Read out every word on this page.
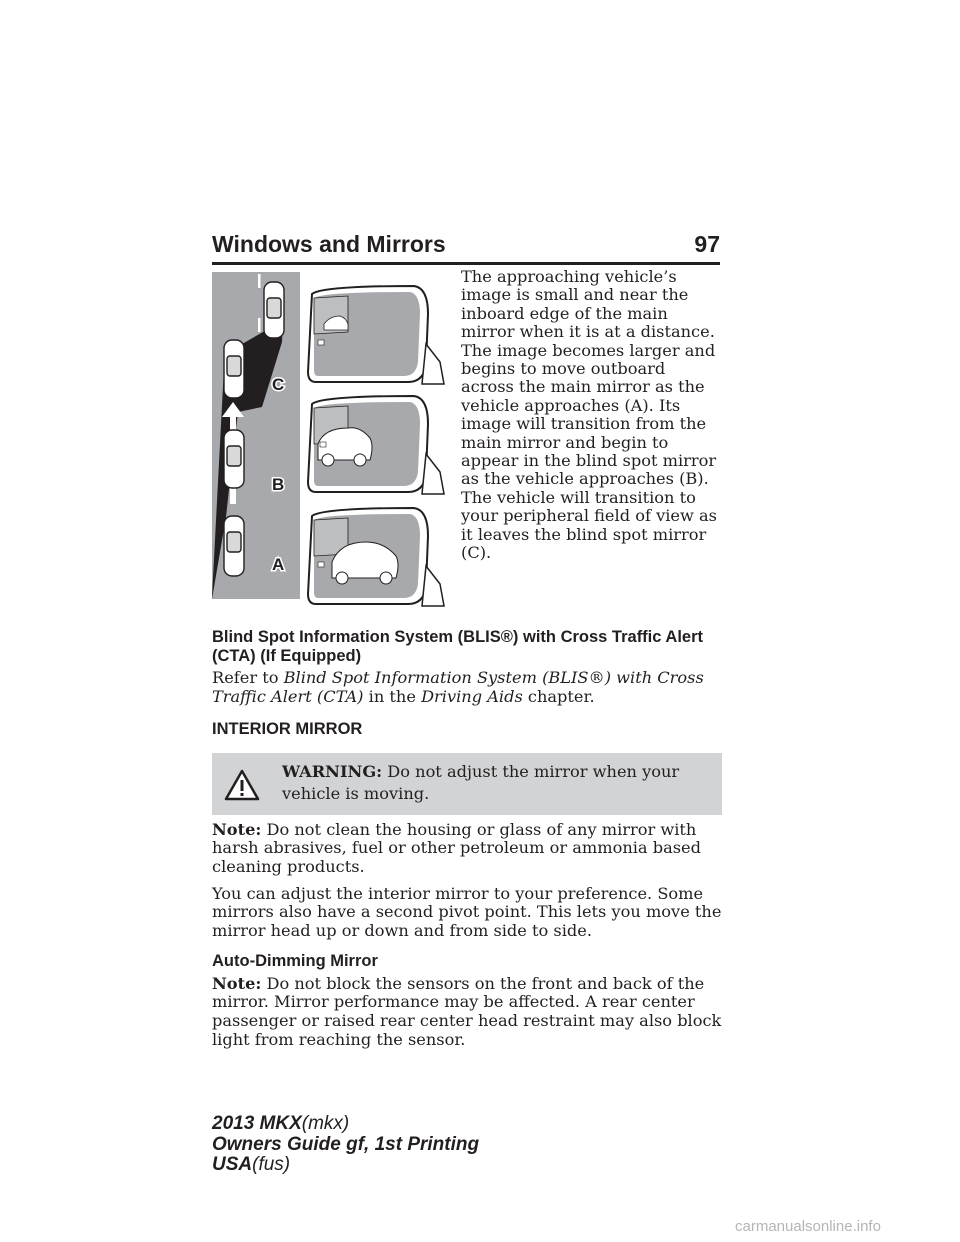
Windows and Mirrors	97
C
B
A

The approaching vehicle’s image is small and near the inboard edge of the main mirror when it is at a distance. The image becomes larger and begins to move outboard across the main mirror as the vehicle approaches (A). Its image will transition from the main mirror and begin to appear in the blind spot mirror as the vehicle approaches (B). The vehicle will transition to your peripheral field of view as it leaves the blind spot mirror (C).

Blind Spot Information System (BLIS®) with Cross Traffic Alert (CTA) (If Equipped)

Refer to Blind Spot Information System (BLIS®) with Cross Traffic Alert (CTA) in the Driving Aids chapter.

INTERIOR MIRROR
WARNING: Do not adjust the mirror when your vehicle is moving.

Note: Do not clean the housing or glass of any mirror with harsh abrasives, fuel or other petroleum or ammonia based cleaning products.

You can adjust the interior mirror to your preference. Some mirrors also have a second pivot point. This lets you move the mirror head up or down and from side to side.

Auto-Dimming Mirror

Note: Do not block the sensors on the front and back of the mirror. Mirror performance may be affected. A rear center passenger or raised rear center head restraint may also block light from reaching the sensor.

2013 MKX(mkx)
Owners Guide gf, 1st Printing
USA(fus)
carmanualsonline.info
